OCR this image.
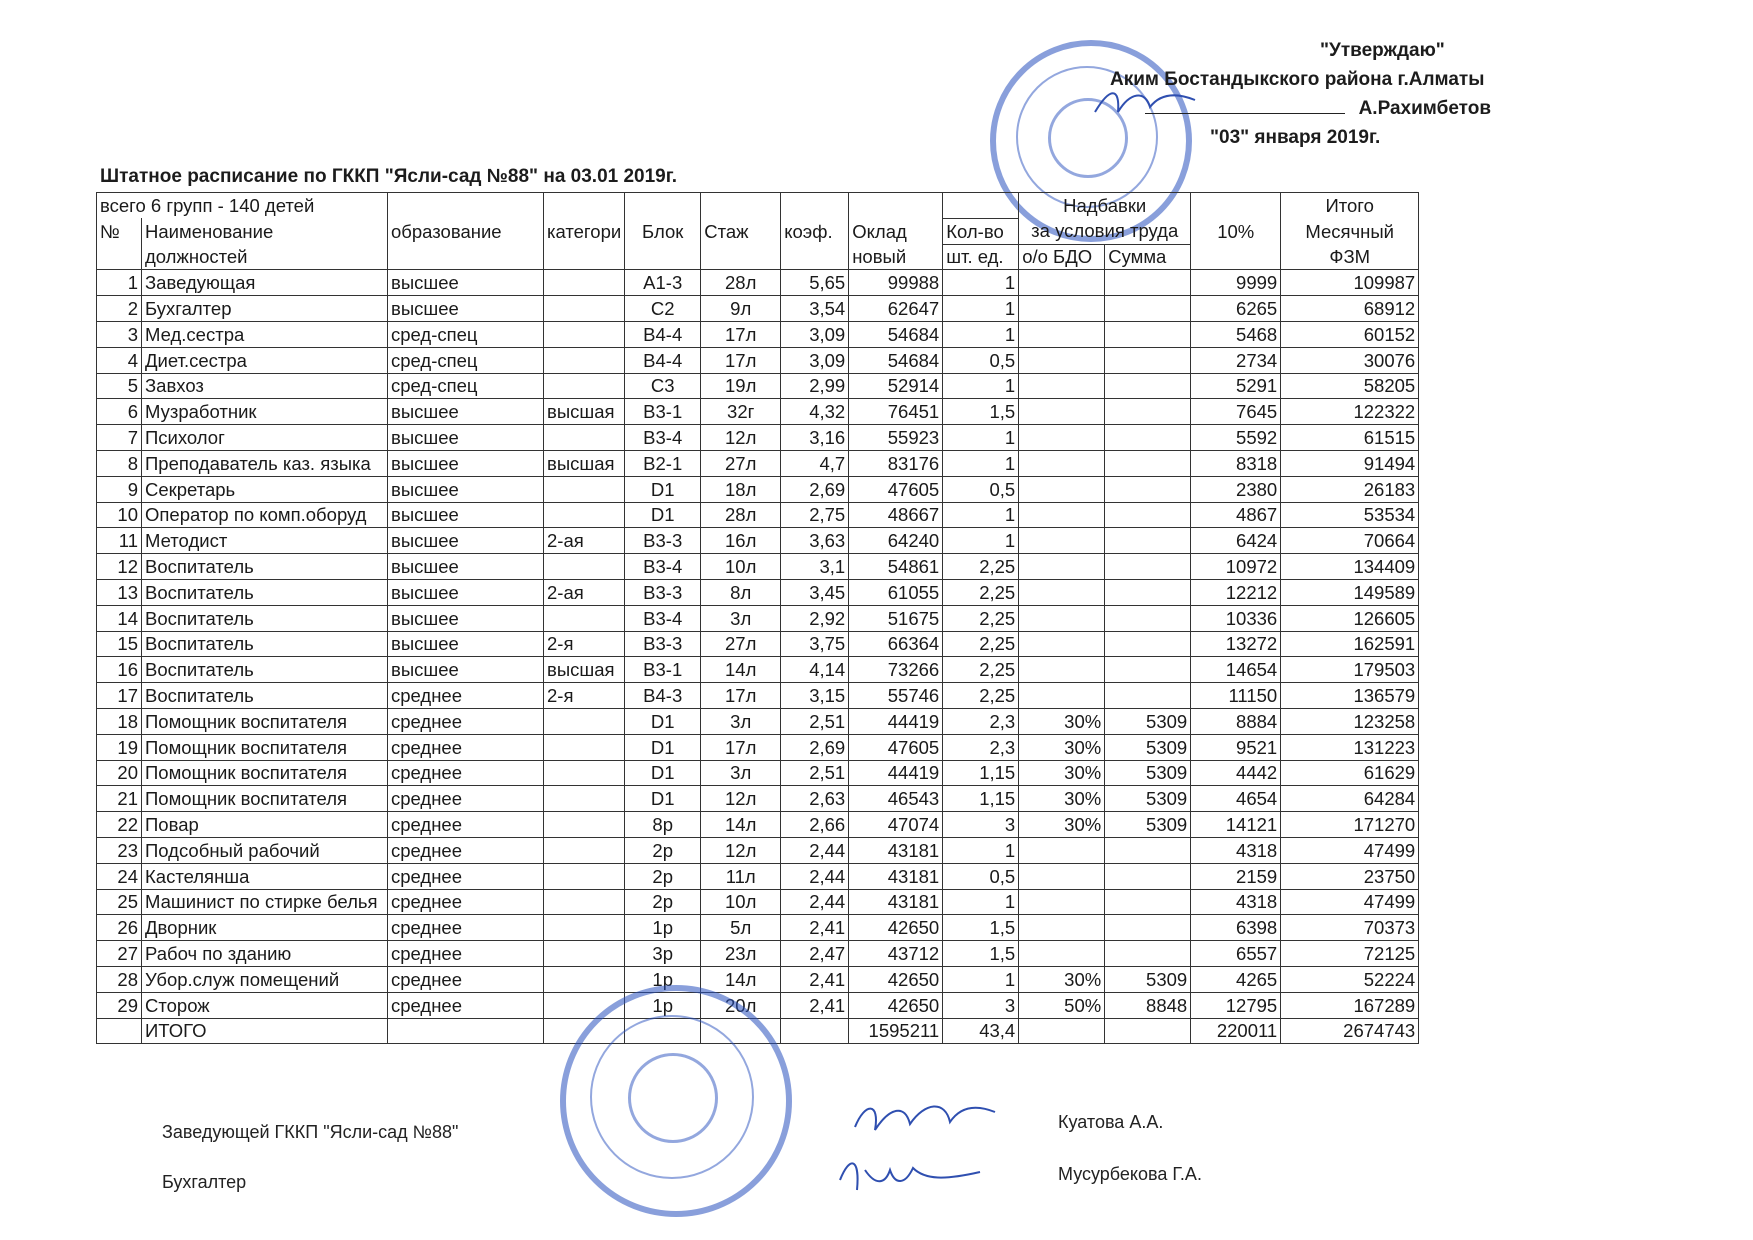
"Утверждаю"
Аким Бостандыкского района г.Алматы
А.Рахимбетов
"03" января 2019г.
Штатное расписание по ГККП "Ясли-сад №88" на 03.01 2019г.
всего 6 групп - 140 детей									Надбавки			Итого
№	Наименование	образование	категори	Блок	Стаж	коэф.	Оклад	Кол-во	за условия труда		10%	Месячный
	должностей						новый	шт. ед.	о/о БДО	Сумма		ФЗМ
1	Заведующая	высшее		А1-3	28л	5,65	99988	1			9999	109987
2	Бухгалтер	высшее		С2	9л	3,54	62647	1			6265	68912
3	Мед.сестра	сред-спец		В4-4	17л	3,09	54684	1			5468	60152
4	Диет.сестра	сред-спец		В4-4	17л	3,09	54684	0,5			2734	30076
5	Завхоз	сред-спец		С3	19л	2,99	52914	1			5291	58205
6	Музработник	высшее	высшая	В3-1	32г	4,32	76451	1,5			7645	122322
7	Психолог	высшее		В3-4	12л	3,16	55923	1			5592	61515
8	Преподаватель каз. языка	высшее	высшая	В2-1	27л	4,7	83176	1			8318	91494
9	Секретарь	высшее		D1	18л	2,69	47605	0,5			2380	26183
10	Оператор по комп.оборуд	высшее		D1	28л	2,75	48667	1			4867	53534
11	Методист	высшее	2-ая	В3-3	16л	3,63	64240	1			6424	70664
12	Воспитатель	высшее		В3-4	10л	3,1	54861	2,25			10972	134409
13	Воспитатель	высшее	2-ая	В3-3	8л	3,45	61055	2,25			12212	149589
14	Воспитатель	высшее		В3-4	3л	2,92	51675	2,25			10336	126605
15	Воспитатель	высшее	2-я	В3-3	27л	3,75	66364	2,25			13272	162591
16	Воспитатель	высшее	высшая	В3-1	14л	4,14	73266	2,25			14654	179503
17	Воспитатель	среднее	2-я	В4-3	17л	3,15	55746	2,25			11150	136579
18	Помощник воспитателя	среднее		D1	3л	2,51	44419	2,3	30%	5309	8884	123258
19	Помощник воспитателя	среднее		D1	17л	2,69	47605	2,3	30%	5309	9521	131223
20	Помощник воспитателя	среднее		D1	3л	2,51	44419	1,15	30%	5309	4442	61629
21	Помощник воспитателя	среднее		D1	12л	2,63	46543	1,15	30%	5309	4654	64284
22	Повар	среднее		8р	14л	2,66	47074	3	30%	5309	14121	171270
23	Подсобный рабочий	среднее		2р	12л	2,44	43181	1			4318	47499
24	Кастелянша	среднее		2р	11л	2,44	43181	0,5			2159	23750
25	Машинист по стирке белья	среднее		2р	10л	2,44	43181	1			4318	47499
26	Дворник	среднее		1р	5л	2,41	42650	1,5			6398	70373
27	Рабоч по зданию	среднее		3р	23л	2,47	43712	1,5			6557	72125
28	Убор.служ помещений	среднее		1р	14л	2,41	42650	1	30%	5309	4265	52224
29	Сторож	среднее		1р	20л	2,41	42650	3	50%	8848	12795	167289
	ИТОГО						1595211	43,4			220011	2674743
Заведующей ГККП "Ясли-сад №88"	Куатова А.А.
Бухгалтер	Мусурбекова Г.А.
